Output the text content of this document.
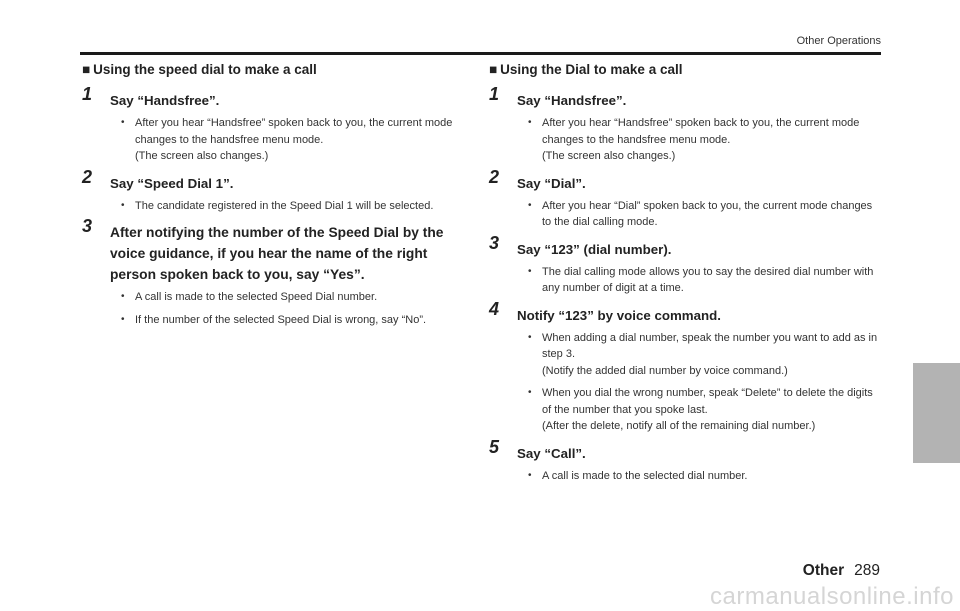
Other Operations
■ Using the speed dial to make a call
1 Say “Handsfree”.
• After you hear “Handsfree” spoken back to you, the current mode changes to the handsfree menu mode.
(The screen also changes.)
2 Say “Speed Dial 1”.
• The candidate registered in the Speed Dial 1 will be selected.
3 After notifying the number of the Speed Dial by the voice guidance, if you hear the name of the right person spoken back to you, say “Yes”.
• A call is made to the selected Speed Dial number.
• If the number of the selected Speed Dial is wrong, say “No”.
■ Using the Dial to make a call
1 Say “Handsfree”.
• After you hear “Handsfree” spoken back to you, the current mode changes to the handsfree menu mode.
(The screen also changes.)
2 Say “Dial”.
• After you hear “Dial” spoken back to you, the current mode changes to the dial calling mode.
3 Say “123” (dial number).
• The dial calling mode allows you to say the desired dial number with any number of digit at a time.
4 Notify “123” by voice command.
• When adding a dial number, speak the number you want to add as in step 3.
(Notify the added dial number by voice command.)
• When you dial the wrong number, speak “Delete” to delete the digits of the number that you spoke last.
(After the delete, notify all of the remaining dial number.)
5 Say “Call”.
• A call is made to the selected dial number.
Other 289
carmanualsonline.info
